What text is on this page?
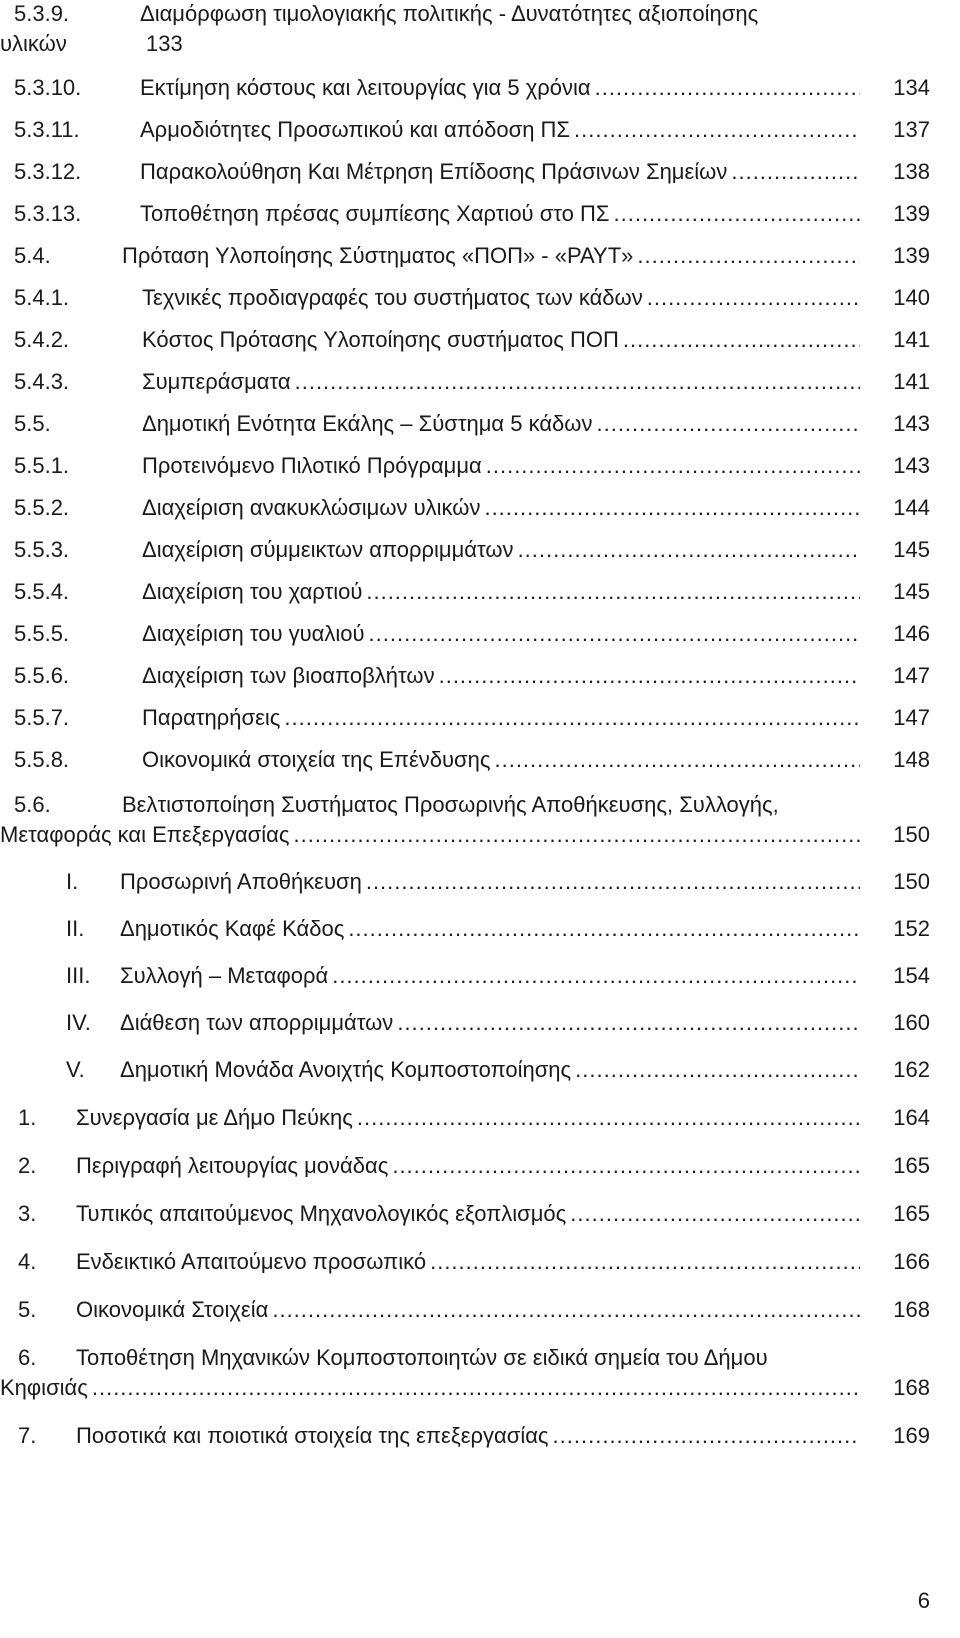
5.3.9.	Διαμόρφωση τιμολογιακής πολιτικής - Δυνατότητες αξιοποίησης
υλικών	133
5.3.10.	Εκτίμηση κόστους και λειτουργίας για 5 χρόνια .....	134
5.3.11.	Αρμοδιότητες Προσωπικού και απόδοση ΠΣ .....	137
5.3.12.	Παρακολούθηση Και Μέτρηση Επίδοσης Πράσινων Σημείων .....	138
5.3.13.	Τοποθέτηση πρέσας συμπίεσης Χαρτιού στο ΠΣ .....	139
5.4.	Πρόταση Υλοποίησης Σύστηματος «ΠΟΠ» - «ΡΑΥΤ» .....	139
5.4.1.	Τεχνικές προδιαγραφές του συστήματος των κάδων .....	140
5.4.2.	Κόστος Πρότασης Υλοποίησης συστήματος ΠΟΠ .....	141
5.4.3.	Συμπεράσματα .....	141
5.5.	Δημοτική Ενότητα Εκάλης – Σύστημα 5 κάδων .....	143
5.5.1.	Προτεινόμενο Πιλοτικό Πρόγραμμα .....	143
5.5.2.	Διαχείριση ανακυκλώσιμων υλικών .....	144
5.5.3.	Διαχείριση σύμμεικτων απορριμμάτων .....	145
5.5.4.	Διαχείριση του χαρτιού .....	145
5.5.5.	Διαχείριση του γυαλιού .....	146
5.5.6.	Διαχείριση των βιοαποβλήτων .....	147
5.5.7.	Παρατηρήσεις .....	147
5.5.8.	Οικονομικά στοιχεία της Επένδυσης .....	148
5.6.	Βελτιστοποίηση Συστήματος Προσωρινής Αποθήκευσης, Συλλογής,
Μεταφοράς και Επεξεργασίας .....	150
I. Προσωρινή Αποθήκευση .....	150
II. Δημοτικός Καφέ Κάδος .....	152
III. Συλλογή – Μεταφορά .....	154
IV. Διάθεση των απορριμμάτων .....	160
V. Δημοτική Μονάδα Ανοιχτής Κομποστοποίησης .....	162
1. Συνεργασία με Δήμο Πεύκης .....	164
2. Περιγραφή λειτουργίας μονάδας .....	165
3. Τυπικός απαιτούμενος Μηχανολογικός εξοπλισμός .....	165
4. Ενδεικτικό Απαιτούμενο προσωπικό .....	166
5. Οικονομικά Στοιχεία .....	168
6. Τοποθέτηση Μηχανικών Κομποστοποιητών σε ειδικά σημεία του Δήμου
Κηφισιάς .....	168
7. Ποσοτικά και ποιοτικά στοιχεία της επεξεργασίας .....	169
6
